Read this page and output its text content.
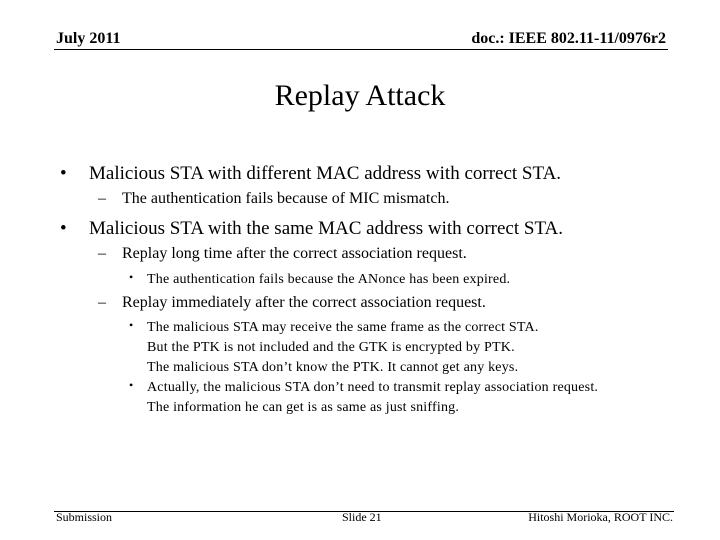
July 2011	doc.: IEEE 802.11-11/0976r2
Replay Attack
• Malicious STA with different MAC address with correct STA.
– The authentication fails because of MIC mismatch.
• Malicious STA with the same MAC address with correct STA.
– Replay long time after the correct association request.
• The authentication fails because the ANonce has been expired.
– Replay immediately after the correct association request.
• The malicious STA may receive the same frame as the correct STA.
But the PTK is not included and the GTK is encrypted by PTK.
The malicious STA don’t know the PTK. It cannot get any keys.
• Actually, the malicious STA don’t need to transmit replay association request.
The information he can get is as same as just sniffing.
Submission	Slide 21	Hitoshi Morioka, ROOT INC.
